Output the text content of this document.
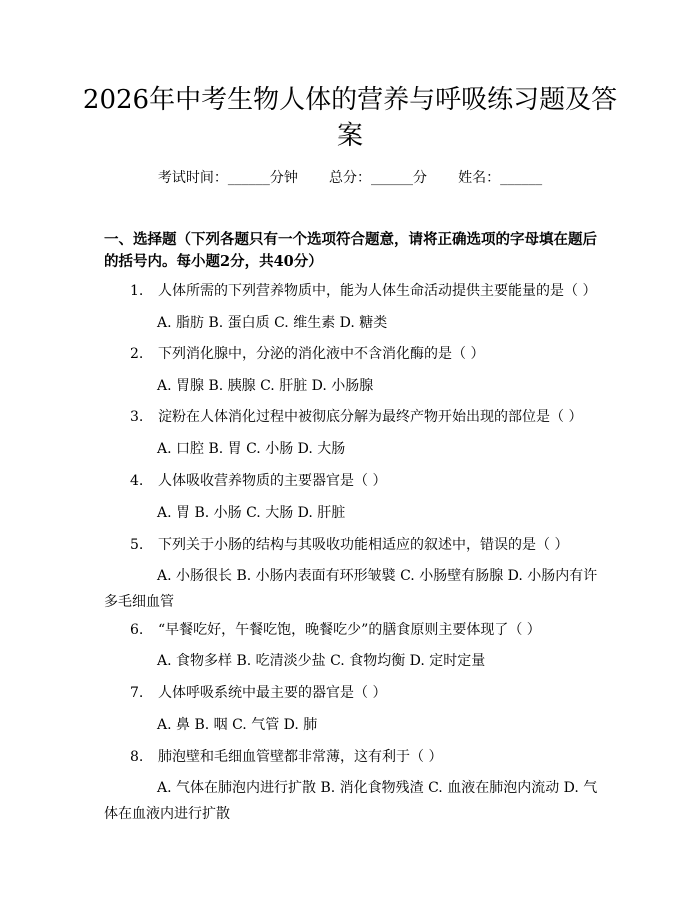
2026年中考生物人体的营养与呼吸练习题及答案
考试时间：______分钟       总分：______分       姓名：______
一、选择题（下列各题只有一个选项符合题意，请将正确选项的字母填在题后的括号内。每小题2分，共40分）
1. 人体所需的下列营养物质中，能为人体生命活动提供主要能量的是（ ）
A. 脂肪 B. 蛋白质 C. 维生素 D. 糖类
2. 下列消化腺中，分泌的消化液中不含消化酶的是（ ）
A. 胃腺 B. 胰腺 C. 肝脏 D. 小肠腺
3. 淀粉在人体消化过程中被彻底分解为最终产物开始出现的部位是（ ）
A. 口腔 B. 胃 C. 小肠 D. 大肠
4. 人体吸收营养物质的主要器官是（ ）
A. 胃 B. 小肠 C. 大肠 D. 肝脏
5. 下列关于小肠的结构与其吸收功能相适应的叙述中，错误的是（ ）
A. 小肠很长 B. 小肠内表面有环形皱襞 C. 小肠壁有肠腺 D. 小肠内有许多毛细血管
6. “早餐吃好，午餐吃饱，晚餐吃少”的膳食原则主要体现了（ ）
A. 食物多样 B. 吃清淡少盐 C. 食物均衡 D. 定时定量
7. 人体呼吸系统中最主要的器官是（ ）
A. 鼻 B. 咽 C. 气管 D. 肺
8. 肺泡壁和毛细血管壁都非常薄，这有利于（ ）
A. 气体在肺泡内进行扩散 B. 消化食物残渣 C. 血液在肺泡内流动 D. 气体在血液内进行扩散
